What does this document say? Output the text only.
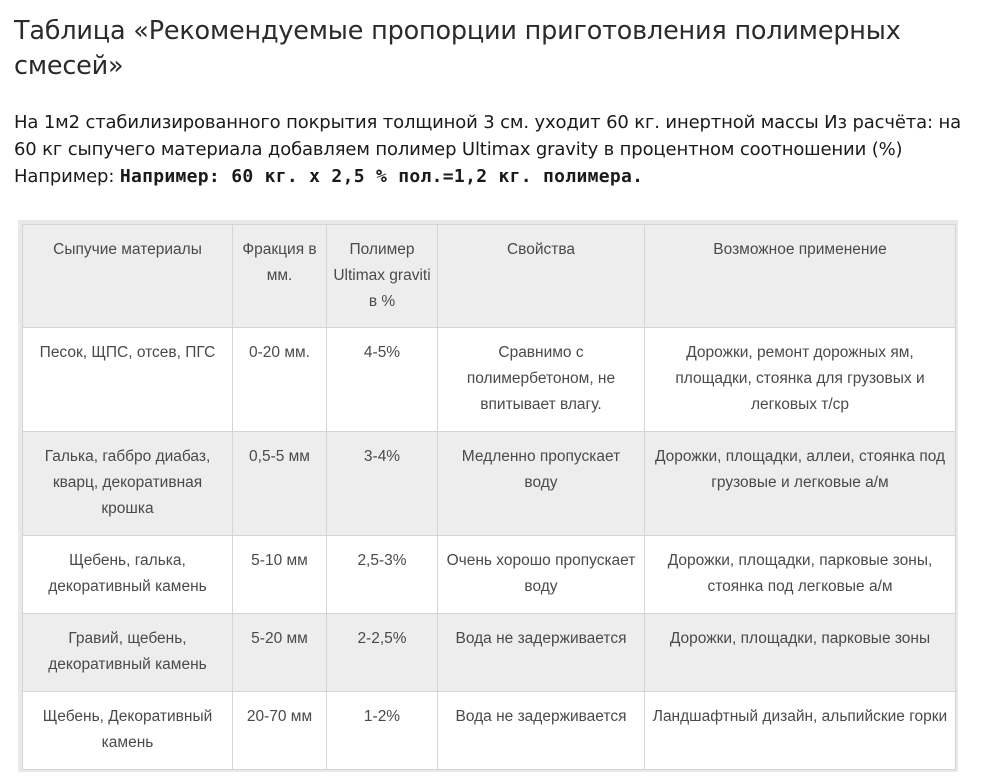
Таблица «Рекомендуемые пропорции приготовления полимерных смесей»

На 1м2 стабилизированного покрытия толщиной 3 см. уходит 60 кг. инертной массы Из расчёта: на
60 кг сыпучего материала добавляем полимер Ultimax gravity в процентном соотношении (%)
Например: Например: 60 кг. х 2,5 % пол.=1,2 кг. полимера.

Сыпучие материалы	Фракция в мм.	Полимер Ultimax graviti в %	Свойства	Возможное применение
Песок, ЩПС, отсев, ПГС	0-20 мм.	4-5%	Сравнимо с полимербетоном, не впитывает влагу.	Дорожки, ремонт дорожных ям, площадки, стоянка для грузовых и легковых т/ср
Галька, габбро диабаз, кварц, декоративная крошка	0,5-5 мм	3-4%	Медленно пропускает воду	Дорожки, площадки, аллеи, стоянка под грузовые и легковые а/м
Щебень, галька, декоративный камень	5-10 мм	2,5-3%	Очень хорошо пропускает воду	Дорожки, площадки, парковые зоны, стоянка под легковые а/м
Гравий, щебень, декоративный камень	5-20 мм	2-2,5%	Вода не задерживается	Дорожки, площадки, парковые зоны
Щебень, Декоративный камень	20-70 мм	1-2%	Вода не задерживается	Ландшафтный дизайн, альпийские горки
